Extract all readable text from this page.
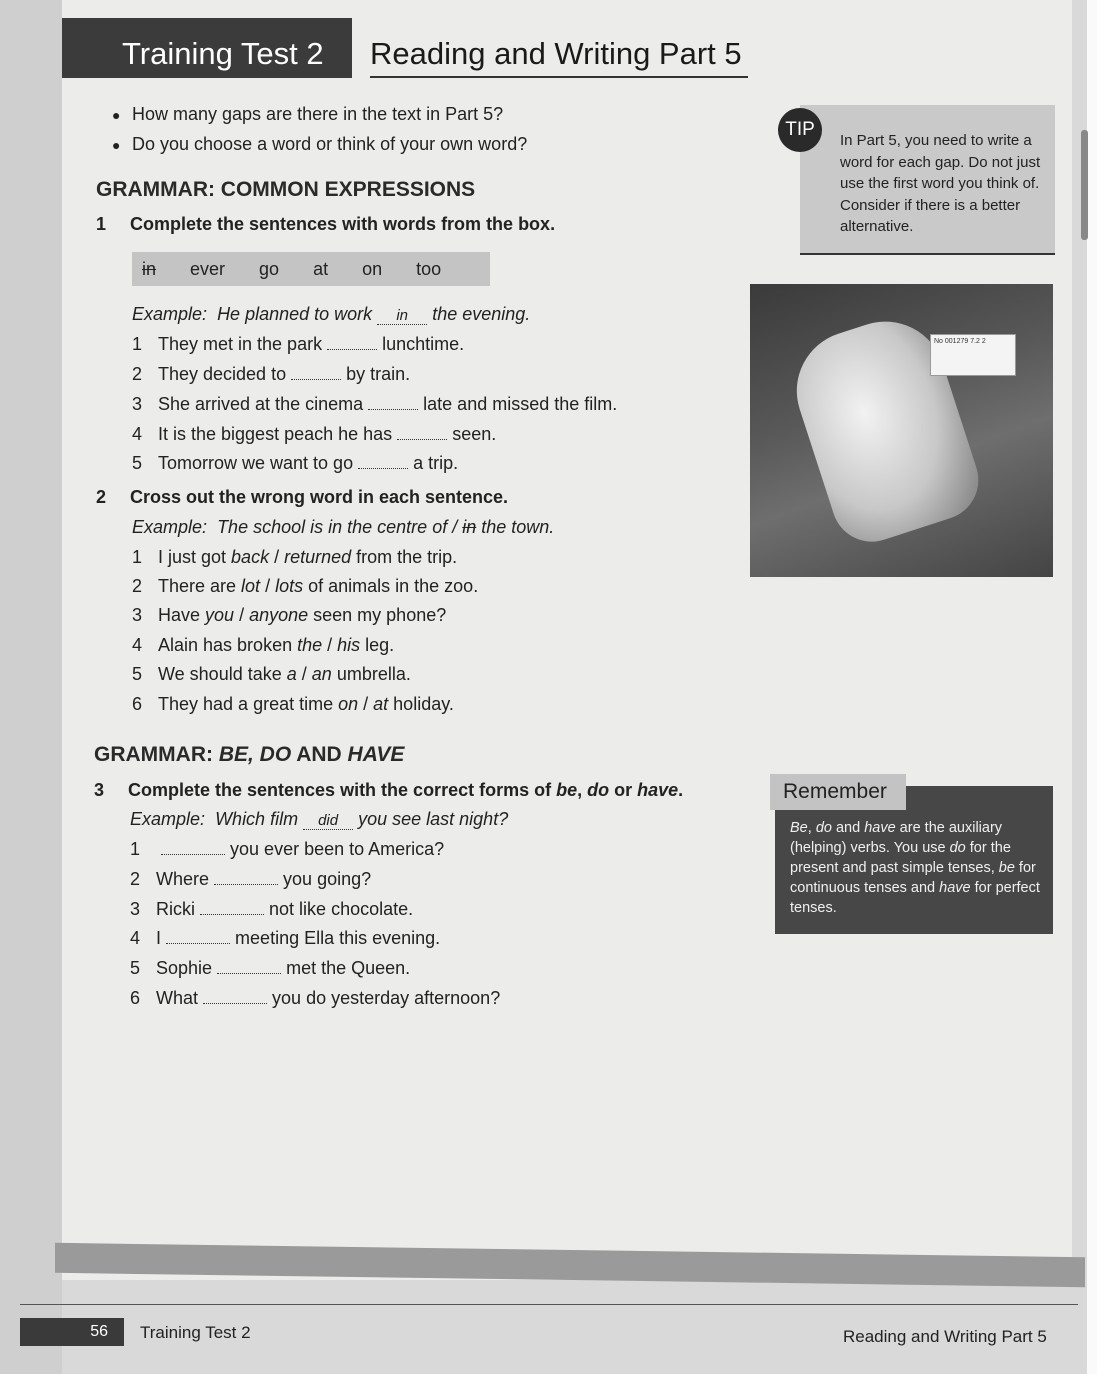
Training Test 2 Reading and Writing Part 5
● How many gaps are there in the text in Part 5?
● Do you choose a word or think of your own word?
TIP
In Part 5, you need to write a word for each gap. Do not just use the first word you think of. Consider if there is a better alternative.
GRAMMAR: COMMON EXPRESSIONS
1 Complete the sentences with words from the box.
in ever go at on too
Example: He planned to work in the evening.
1 They met in the park	lunchtime.
2 They decided to	by train.
3 She arrived at the cinema	late and missed the film.
4 It is the biggest peach he has	seen.
5 Tomorrow we want to go	a trip.
2 Cross out the wrong word in each sentence.
Example: The school is in the centre of / in the town.
1 I just got back / returned from the trip.
2 There are lot / lots of animals in the zoo.
3 Have you / anyone seen my phone?
4 Alain has broken the / his leg.
5 We should take a / an umbrella.
6 They had a great time on / at holiday.
No 001279 7.2 2
GRAMMAR: BE, DO AND HAVE
3 Complete the sentences with the correct forms of be, do or have.
Example: Which film did you see last night?
1	you ever been to America?
2 Where	you going?
3 Ricki	not like chocolate.
4 I	meeting Ella this evening.
5 Sophie	met the Queen.
6 What	you do yesterday afternoon?
Remember
Be, do and have are the auxiliary (helping) verbs. You use do for the present and past simple tenses, be for continuous tenses and have for perfect tenses.
56	Training Test 2	Reading and Writing Part 5
